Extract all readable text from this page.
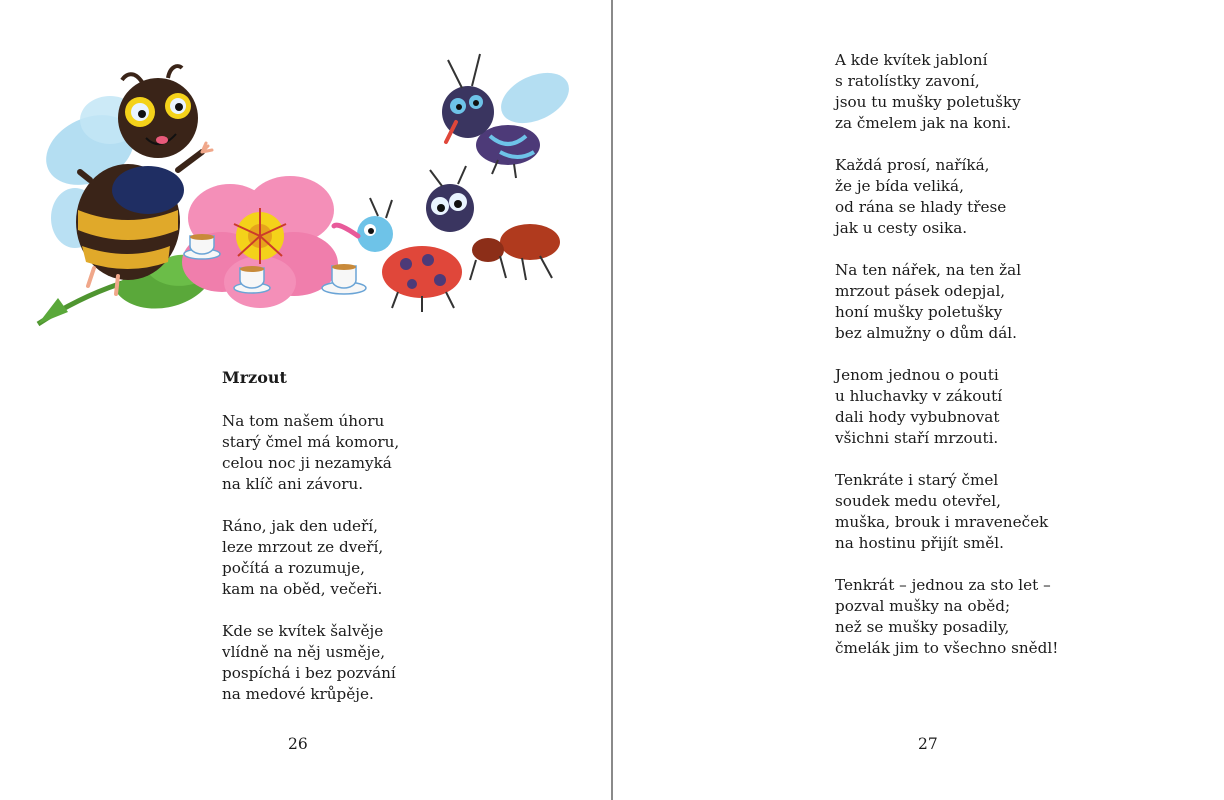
Mrzout
Na tom našem úhoru
starý čmel má komoru,
celou noc ji nezamyká
na klíč ani závoru.
Ráno, jak den udeří,
leze mrzout ze dveří,
počítá a rozumuje,
kam na oběd, večeři.
Kde se kvítek šalvěje
vlídně na něj usměje,
pospíchá i bez pozvání
na medové krůpěje.
26
A kde kvítek jabloní
s ratolístky zavoní,
jsou tu mušky poletušky
za čmelem jak na koni.
Každá prosí, naříká,
že je bída veliká,
od rána se hlady třese
jak u cesty osika.
Na ten nářek, na ten žal
mrzout pásek odepjal,
honí mušky poletušky
bez almužny o dům dál.
Jenom jednou o pouti
u hluchavky v zákoutí
dali hody vybubnovat
všichni staří mrzouti.
Tenkráte i starý čmel
soudek medu otevřel,
muška, brouk i mraveneček
na hostinu přijít směl.
Tenkrát – jednou za sto let –
pozval mušky na oběd;
než se mušky posadily,
čmelák jim to všechno snědl!
27
